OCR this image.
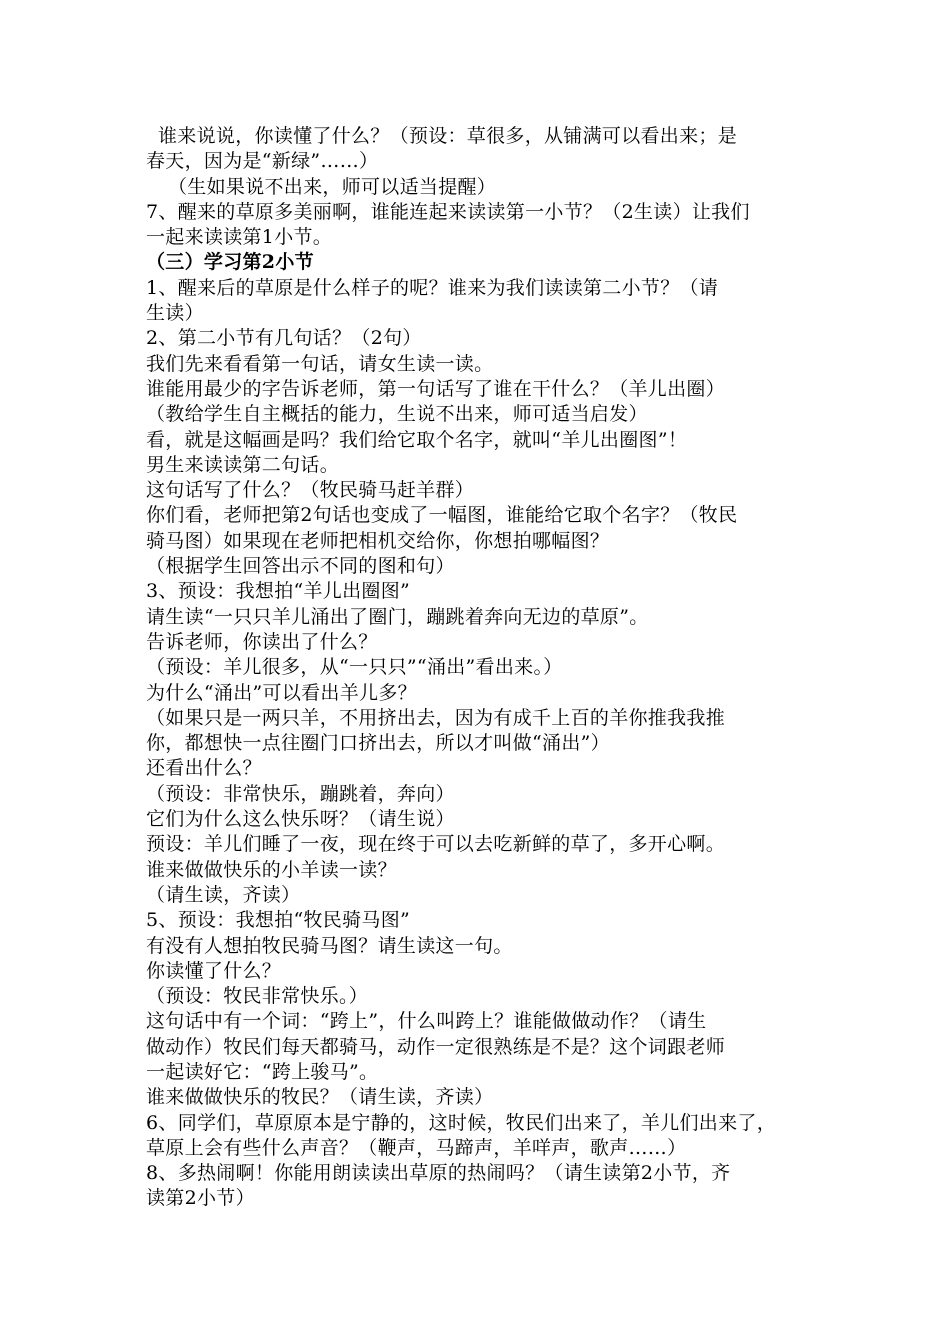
谁来说说，你读懂了什么？（预设：草很多，从铺满可以看出来；是
春天，因为是“新绿”……）
（生如果说不出来，师可以适当提醒）
7、醒来的草原多美丽啊，谁能连起来读读第一小节？（2生读）让我们
一起来读读第1小节。
（三）学习第2小节
1、醒来后的草原是什么样子的呢？谁来为我们读读第二小节？（请
生读）
2、第二小节有几句话？（2句）
我们先来看看第一句话，请女生读一读。
谁能用最少的字告诉老师，第一句话写了谁在干什么？（羊儿出圈）
（教给学生自主概括的能力，生说不出来，师可适当启发）
看，就是这幅画是吗？我们给它取个名字，就叫“羊儿出圈图”！
男生来读读第二句话。
这句话写了什么？（牧民骑马赶羊群）
你们看，老师把第2句话也变成了一幅图，谁能给它取个名字？（牧民
骑马图）如果现在老师把相机交给你，你想拍哪幅图？
（根据学生回答出示不同的图和句）
3、预设：我想拍“羊儿出圈图”
请生读“一只只羊儿涌出了圈门，蹦跳着奔向无边的草原”。
告诉老师，你读出了什么？
（预设：羊儿很多，从“一只只”“涌出”看出来。）
为什么“涌出”可以看出羊儿多？
（如果只是一两只羊，不用挤出去，因为有成千上百的羊你推我我推
你，都想快一点往圈门口挤出去，所以才叫做“涌出”）
还看出什么？
（预设：非常快乐，蹦跳着，奔向）
它们为什么这么快乐呀？（请生说）
预设：羊儿们睡了一夜，现在终于可以去吃新鲜的草了，多开心啊。
谁来做做快乐的小羊读一读？
（请生读，齐读）
5、预设：我想拍“牧民骑马图”
有没有人想拍牧民骑马图？请生读这一句。
你读懂了什么？
（预设：牧民非常快乐。）
这句话中有一个词：“跨上”，什么叫跨上？谁能做做动作？（请生
做动作）牧民们每天都骑马，动作一定很熟练是不是？这个词跟老师
一起读好它：“跨上骏马”。
谁来做做快乐的牧民？（请生读，齐读）
6、同学们，草原原本是宁静的，这时候，牧民们出来了，羊儿们出来了，
草原上会有些什么声音？（鞭声，马蹄声，羊咩声，歌声……）
8、多热闹啊！你能用朗读读出草原的热闹吗？（请生读第2小节，齐
读第2小节）
